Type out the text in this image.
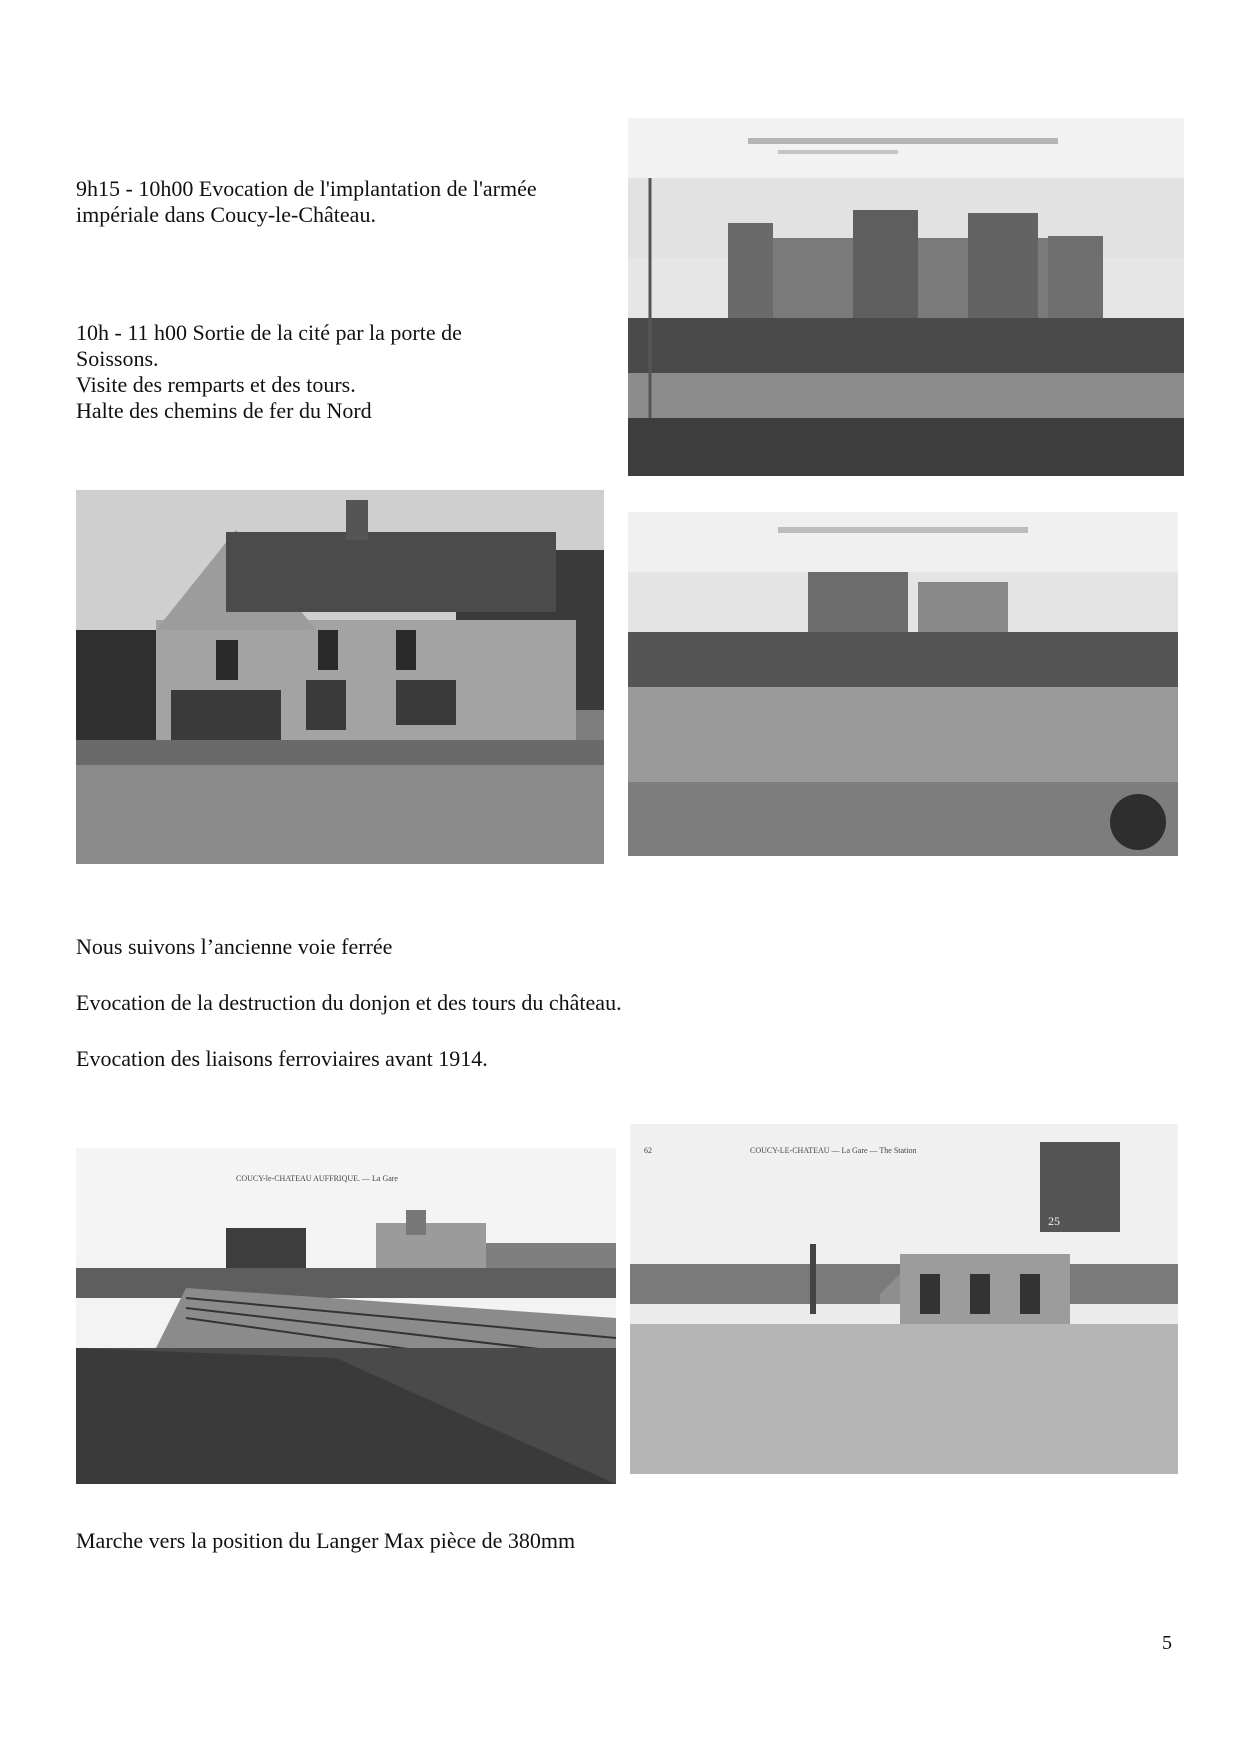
9h15 - 10h00 Evocation de l'implantation de l'armée impériale dans Coucy-le-Château.

10h - 11 h00 Sortie de la cité par la porte de

Soissons.

Visite des remparts et des tours.

Halte des chemins de fer du Nord

Nous suivons l’ancienne voie ferrée

Evocation de la destruction du donjon et des tours du château.

Evocation des liaisons ferroviaires avant 1914.

Marche vers la position du Langer Max pièce de 380mm

COUCY-le-CHATEAU AUFFRIQUE. — La Gare
62	COUCY-LE-CHATEAU — La Gare — The Station
25
5
